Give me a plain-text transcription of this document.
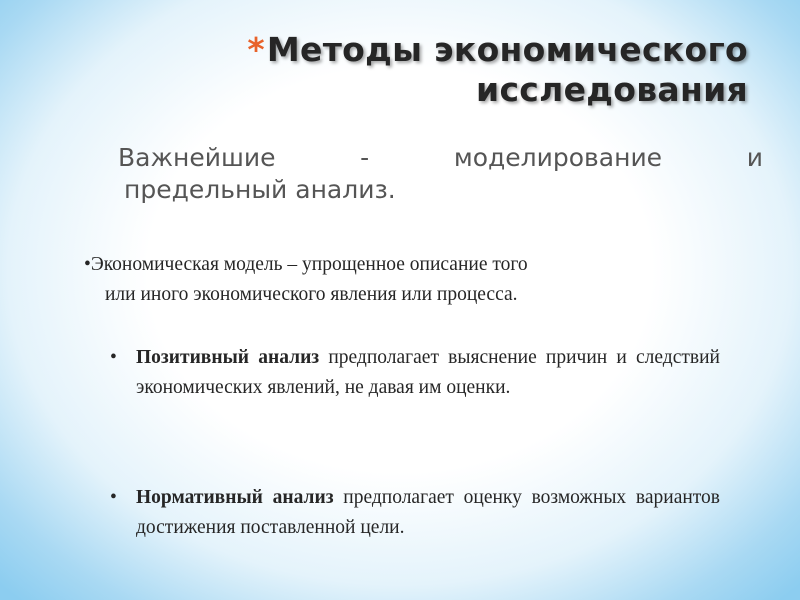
*Методы экономического
исследования
Важнейшие	-	моделирование	и
предельный анализ.
•Экономическая модель – упрощенное описание того
или иного экономического явления или процесса.
• Позитивный анализ предполагает выяснение причин и следствий экономических явлений, не давая им оценки.
• Нормативный анализ предполагает оценку возможных вариантов достижения поставленной цели.
